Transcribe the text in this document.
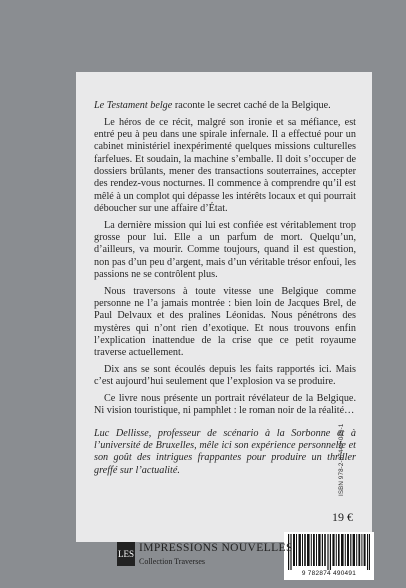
Le Testament belge raconte le secret caché de la Belgique.

Le héros de ce récit, malgré son ironie et sa méfiance, est entré peu à peu dans une spirale infernale. Il a effectué pour un cabinet ministériel inexpérimenté quelques missions culturelles farfelues. Et soudain, la machine s’emballe. Il doit s’occuper de dossiers brûlants, mener des transactions souterraines, accepter des rendez-vous nocturnes. Il commence à comprendre qu’il est mêlé à un complot qui dépasse les intérêts locaux et qui pourrait déboucher sur une affaire d’État.

La dernière mission qui lui est confiée est véritablement trop grosse pour lui. Elle a un parfum de mort. Quelqu’un, d’ailleurs, va mourir. Comme toujours, quand il est question, non pas d’un peu d’argent, mais d’un véritable trésor enfoui, les passions ne se contrôlent plus.

Nous traversons à toute vitesse une Belgique comme personne ne l’a jamais montrée : bien loin de Jacques Brel, de Paul Delvaux et des pralines Léonidas. Nous pénétrons des mystères qui n’ont rien d’exotique. Et nous trouvons enfin l’explication inattendue de la crise que ce petit royaume traverse actuellement.

Dix ans se sont écoulés depuis les faits rapportés ici. Mais c’est aujourd’hui seulement que l’explosion va se produire.

Ce livre nous présente un portrait révélateur de la Belgique. Ni vision touristique, ni pamphlet : le roman noir de la réalité…

Luc Dellisse, professeur de scénario à la Sorbonne et à l’université de Bruxelles, mêle ici son expérience personnelle et son goût des intrigues frappantes pour produire un thriller greffé sur l’actualité.	ISBN 978-2-87449-049-1
19 €
9 782874 490491
LES IMPRESSIONS NOUVELLES
Collection Traverses
